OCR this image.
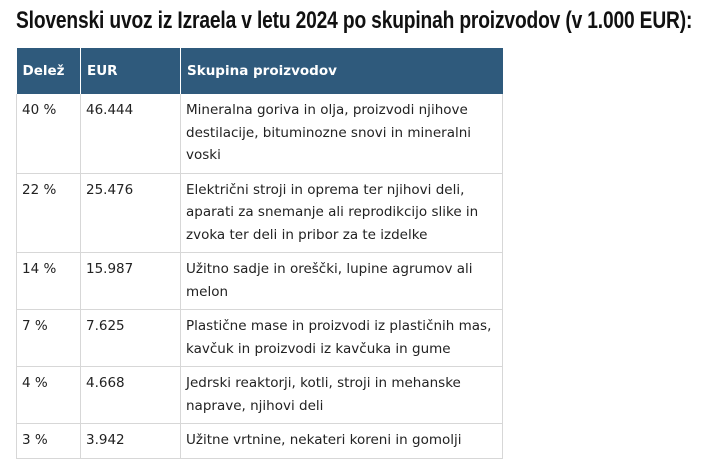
Slovenski uvoz iz Izraela v letu 2024 po skupinah proizvodov (v 1.000 EUR):
Delež	EUR	Skupina proizvodov
40 %	46.444	Mineralna goriva in olja, proizvodi njihove destilacije, bituminozne snovi in mineralni voski
22 %	25.476	Električni stroji in oprema ter njihovi deli, aparati za snemanje ali reprodikcijo slike in zvoka ter deli in pribor za te izdelke
14 %	15.987	Užitno sadje in oreščki, lupine agrumov ali melon
7 %	7.625	Plastične mase in proizvodi iz plastičnih mas, kavčuk in proizvodi iz kavčuka in gume
4 %	4.668	Jedrski reaktorji, kotli, stroji in mehanske naprave, njihovi deli
3 %	3.942	Užitne vrtnine, nekateri koreni in gomolji
